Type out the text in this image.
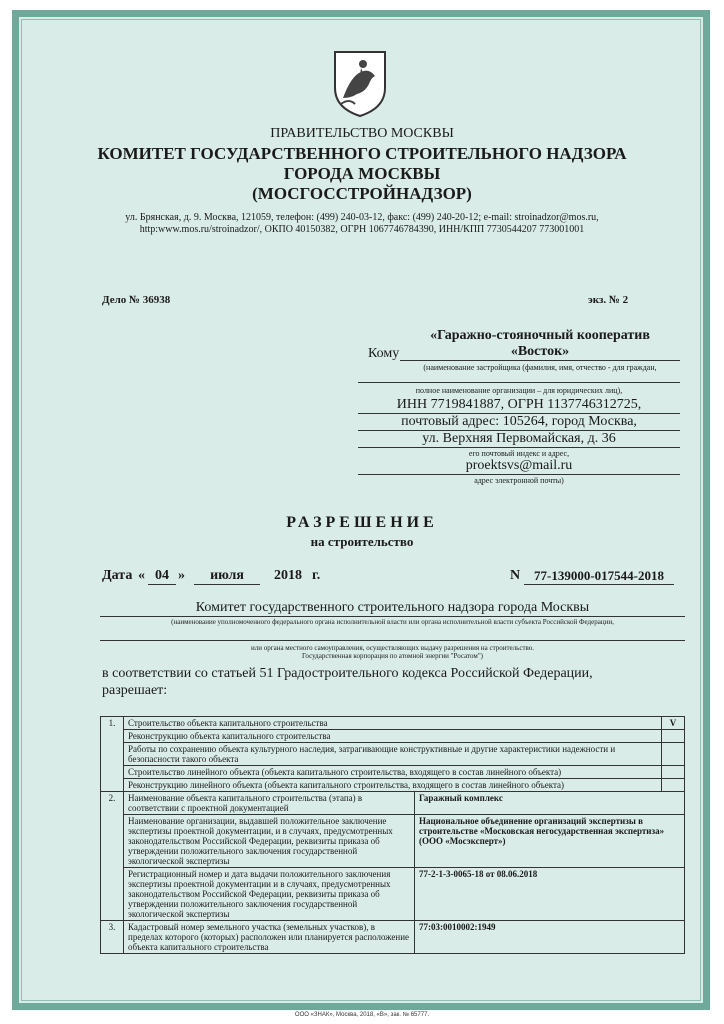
ПРАВИТЕЛЬСТВО МОСКВЫ
КОМИТЕТ ГОСУДАРСТВЕННОГО СТРОИТЕЛЬНОГО НАДЗОРА
ГОРОДА МОСКВЫ
(МОСГОССТРОЙНАДЗОР)
ул. Брянская, д. 9. Москва, 121059, телефон: (499) 240-03-12, факс: (499) 240-20-12; e-mail: stroinadzor@mos.ru,
http:www.mos.ru/stroinadzor/, ОКПО 40150382, ОГРН 1067746784390, ИНН/КПП 7730544207 773001001
Дело № 36938	экз. № 2
Кому
«Гаражно-стояночный кооператив
«Восток»
(наименование застройщика (фамилия, имя, отчество - для граждан,
полное наименование организации – для юридических лиц),
ИНН 7719841887, ОГРН 1137746312725,
почтовый адрес: 105264, город Москва,
ул. Верхняя Первомайская, д. 36
его почтовый индекс и адрес,
proektsvs@mail.ru
адрес электронной почты)
РАЗРЕШЕНИЕ
на строительство
Дата « 04 »	июля	2018 г.	N	77-139000-017544-2018
Комитет государственного строительного надзора города Москвы
(наименование уполномоченного федерального органа исполнительной власти или органа исполнительной власти субъекта Российской Федерации,
или органа местного самоуправления, осуществляющих выдачу разрешения на строительство.
Государственная корпорация по атомной энергии "Росатом")
в соответствии со статьей 51 Градостроительного кодекса Российской Федерации,
разрешает:
1.	Строительство объекта капитального строительства		V
	Реконструкцию объекта капитального строительства		
	Работы по сохранению объекта культурного наследия, затрагивающие конструктивные и другие характеристики надежности и безопасности такого объекта		
	Строительство линейного объекта (объекта капитального строительства, входящего в состав линейного объекта)		
	Реконструкцию линейного объекта (объекта капитального строительства, входящего в состав линейного объекта)		
2.	Наименование объекта капитального строительства (этапа) в соответствии с проектной документацией	Гаражный комплекс	
	Наименование организации, выдавшей положительное заключение экспертизы проектной документации, и в случаях, предусмотренных законодательством Российской Федерации, реквизиты приказа об утверждении положительного заключения государственной экологической экспертизы	Национальное объединение организаций экспертизы в строительстве «Московская негосударственная экспертиза» (ООО «Мосэксперт»)	
	Регистрационный номер и дата выдачи положительного заключения экспертизы проектной документации и в случаях, предусмотренных законодательством Российской Федерации, реквизиты приказа об утверждении положительного заключения государственной экологической экспертизы	77-2-1-3-0065-18 от 08.06.2018	
3.	Кадастровый номер земельного участка (земельных участков), в пределах которого (которых) расположен или планируется расположение объекта капитального строительства	77:03:0010002:1949	
ООО «ЗНАК», Москва, 2018, «В», зак. № 65777.
